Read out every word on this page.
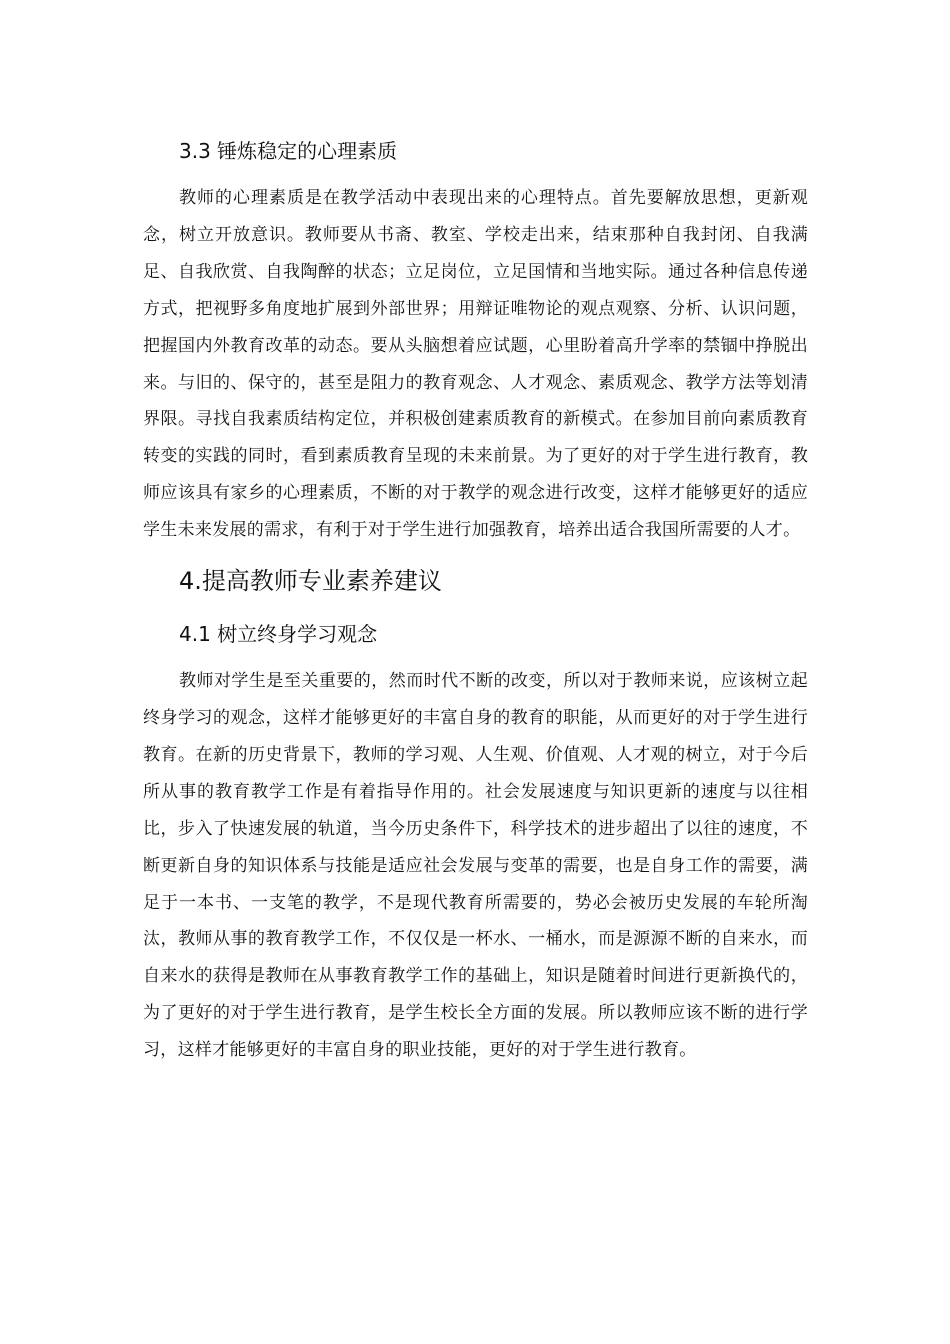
3.3 锤炼稳定的心理素质

教师的心理素质是在教学活动中表现出来的心理特点。首先要解放思想，更新观念，树立开放意识。教师要从书斋、教室、学校走出来，结束那种自我封闭、自我满足、自我欣赏、自我陶醉的状态；立足岗位，立足国情和当地实际。通过各种信息传递方式，把视野多角度地扩展到外部世界；用辩证唯物论的观点观察、分析、认识问题，把握国内外教育改革的动态。要从头脑想着应试题，心里盼着高升学率的禁锢中挣脱出来。与旧的、保守的，甚至是阻力的教育观念、人才观念、素质观念、教学方法等划清界限。寻找自我素质结构定位，并积极创建素质教育的新模式。在参加目前向素质教育转变的实践的同时，看到素质教育呈现的未来前景。为了更好的对于学生进行教育，教师应该具有家乡的心理素质，不断的对于教学的观念进行改变，这样才能够更好的适应学生未来发展的需求，有利于对于学生进行加强教育，培养出适合我国所需要的人才。

4.提高教师专业素养建议
4.1 树立终身学习观念

教师对学生是至关重要的，然而时代不断的改变，所以对于教师来说，应该树立起终身学习的观念，这样才能够更好的丰富自身的教育的职能，从而更好的对于学生进行教育。在新的历史背景下，教师的学习观、人生观、价值观、人才观的树立，对于今后所从事的教育教学工作是有着指导作用的。社会发展速度与知识更新的速度与以往相比，步入了快速发展的轨道，当今历史条件下，科学技术的进步超出了以往的速度，不断更新自身的知识体系与技能是适应社会发展与变革的需要，也是自身工作的需要，满足于一本书、一支笔的教学，不是现代教育所需要的，势必会被历史发展的车轮所淘汰，教师从事的教育教学工作，不仅仅是一杯水、一桶水，而是源源不断的自来水，而自来水的获得是教师在从事教育教学工作的基础上，知识是随着时间进行更新换代的，为了更好的对于学生进行教育，是学生校长全方面的发展。所以教师应该不断的进行学习，这样才能够更好的丰富自身的职业技能，更好的对于学生进行教育。
